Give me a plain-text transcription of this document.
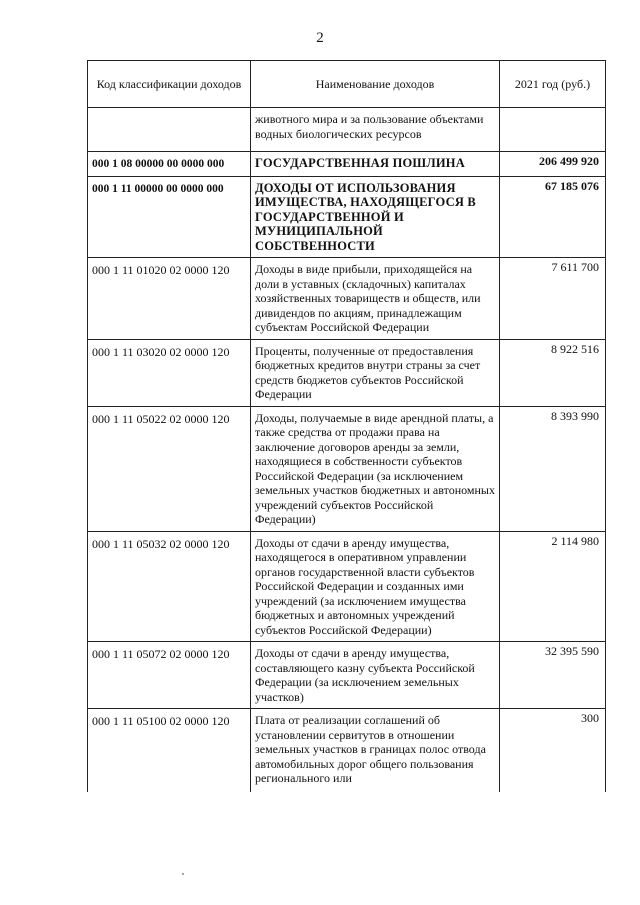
2
Код классификации доходов	Наименование доходов	2021 год (руб.)
	животного мира и за пользование объектами водных биологических ресурсов	
000 1 08 00000 00 0000 000	ГОСУДАРСТВЕННАЯ ПОШЛИНА	206 499 920
000 1 11 00000 00 0000 000	ДОХОДЫ ОТ ИСПОЛЬЗОВАНИЯ ИМУЩЕСТВА, НАХОДЯЩЕГОСЯ В ГОСУДАРСТВЕННОЙ И МУНИЦИПАЛЬНОЙ СОБСТВЕННОСТИ	67 185 076
000 1 11 01020 02 0000 120	Доходы в виде прибыли, приходящейся на доли в уставных (складочных) капиталах хозяйственных товариществ и обществ, или дивидендов по акциям, принадлежащим субъектам Российской Федерации	7 611 700
000 1 11 03020 02 0000 120	Проценты, полученные от предоставления бюджетных кредитов внутри страны за счет средств бюджетов субъектов Российской Федерации	8 922 516
000 1 11 05022 02 0000 120	Доходы, получаемые в виде арендной платы, а также средства от продажи права на заключение договоров аренды за земли, находящиеся в собственности субъектов Российской Федерации (за исключением земельных участков бюджетных и автономных учреждений субъектов Российской Федерации)	8 393 990
000 1 11 05032 02 0000 120	Доходы от сдачи в аренду имущества, находящегося в оперативном управлении органов государственной власти субъектов Российской Федерации и созданных ими учреждений (за исключением имущества бюджетных и автономных учреждений субъектов Российской Федерации)	2 114 980
000 1 11 05072 02 0000 120	Доходы от сдачи в аренду имущества, составляющего казну субъекта Российской Федерации (за исключением земельных участков)	32 395 590
000 1 11 05100 02 0000 120	Плата от реализации соглашений об установлении сервитутов в отношении земельных участков в границах полос отвода автомобильных дорог общего пользования регионального или	300
